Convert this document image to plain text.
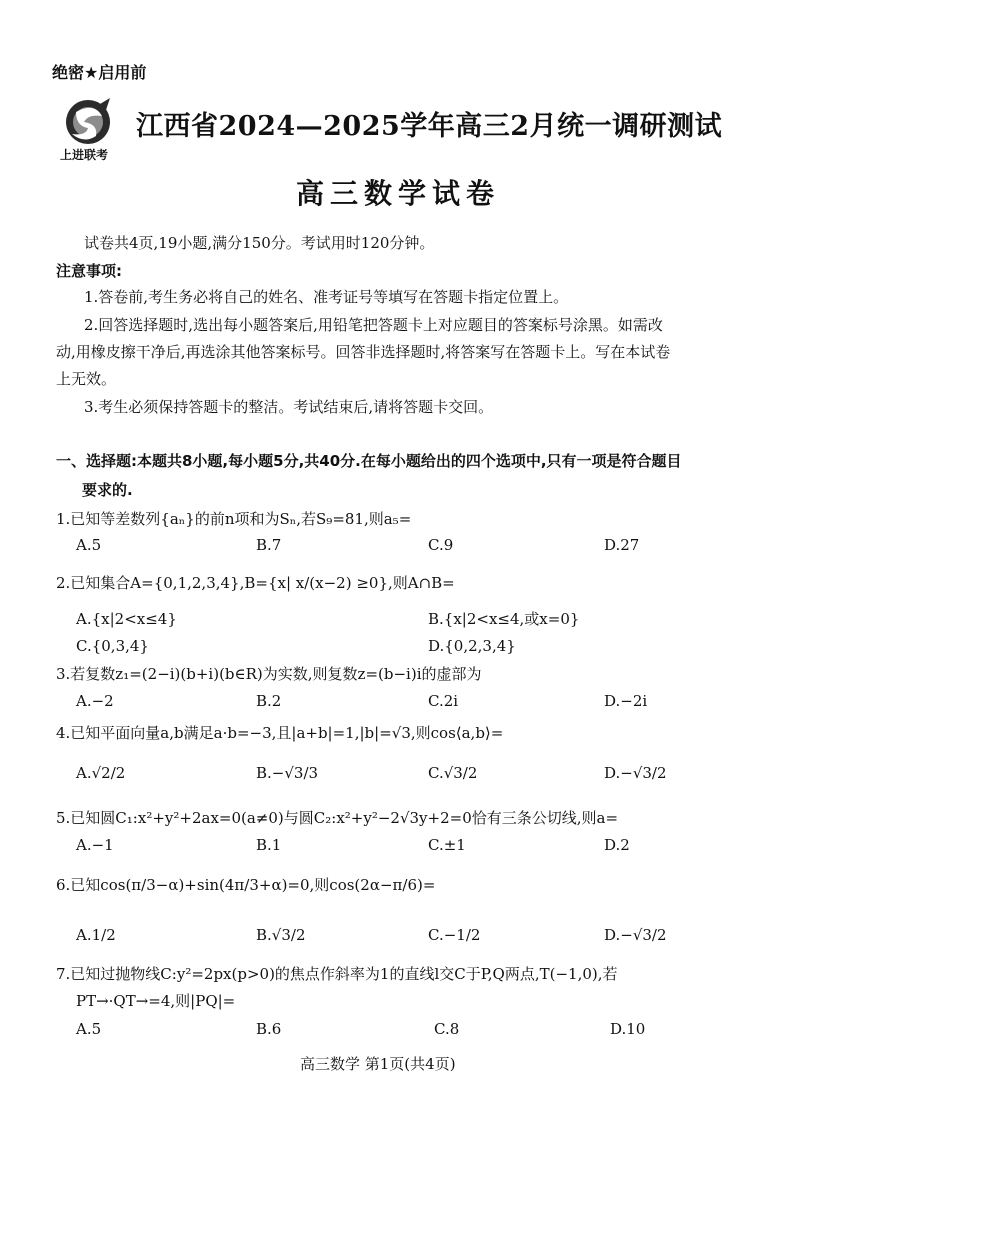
绝密★启用前
上进联考
江西省2024—2025学年高三2月统一调研测试
高三数学试卷
试卷共4页,19小题,满分150分。考试用时120分钟。
注意事项:
1.答卷前,考生务必将自己的姓名、准考证号等填写在答题卡指定位置上。
2.回答选择题时,选出每小题答案后,用铅笔把答题卡上对应题目的答案标号涂黑。如需改
动,用橡皮擦干净后,再选涂其他答案标号。回答非选择题时,将答案写在答题卡上。写在本试卷
上无效。
3.考生必须保持答题卡的整洁。考试结束后,请将答题卡交回。
一、选择题:本题共8小题,每小题5分,共40分.在每小题给出的四个选项中,只有一项是符合题目
要求的.
1.已知等差数列{aₙ}的前n项和为Sₙ,若S₉=81,则a₅=
A.5	B.7	C.9	D.27
2.已知集合A={0,1,2,3,4},B={x| x/(x−2) ≥0},则A∩B=
A.{x|2<x≤4}	B.{x|2<x≤4,或x=0}
C.{0,3,4}	D.{0,2,3,4}
3.若复数z₁=(2−i)(b+i)(b∈R)为实数,则复数z=(b−i)i的虚部为
A.−2	B.2	C.2i	D.−2i
4.已知平面向量a,b满足a·b=−3,且|a+b|=1,|b|=√3,则cos⟨a,b⟩=
A.√2/2	B.−√3/3	C.√3/2	D.−√3/2
5.已知圆C₁:x²+y²+2ax=0(a≠0)与圆C₂:x²+y²−2√3y+2=0恰有三条公切线,则a=
A.−1	B.1	C.±1	D.2
6.已知cos(π/3−α)+sin(4π/3+α)=0,则cos(2α−π/6)=
A.1/2	B.√3/2	C.−1/2	D.−√3/2
7.已知过抛物线C:y²=2px(p>0)的焦点作斜率为1的直线l交C于P,Q两点,T(−1,0),若
PT→·QT→=4,则|PQ|=
A.5	B.6	C.8	D.10
高三数学 第1页(共4页)
